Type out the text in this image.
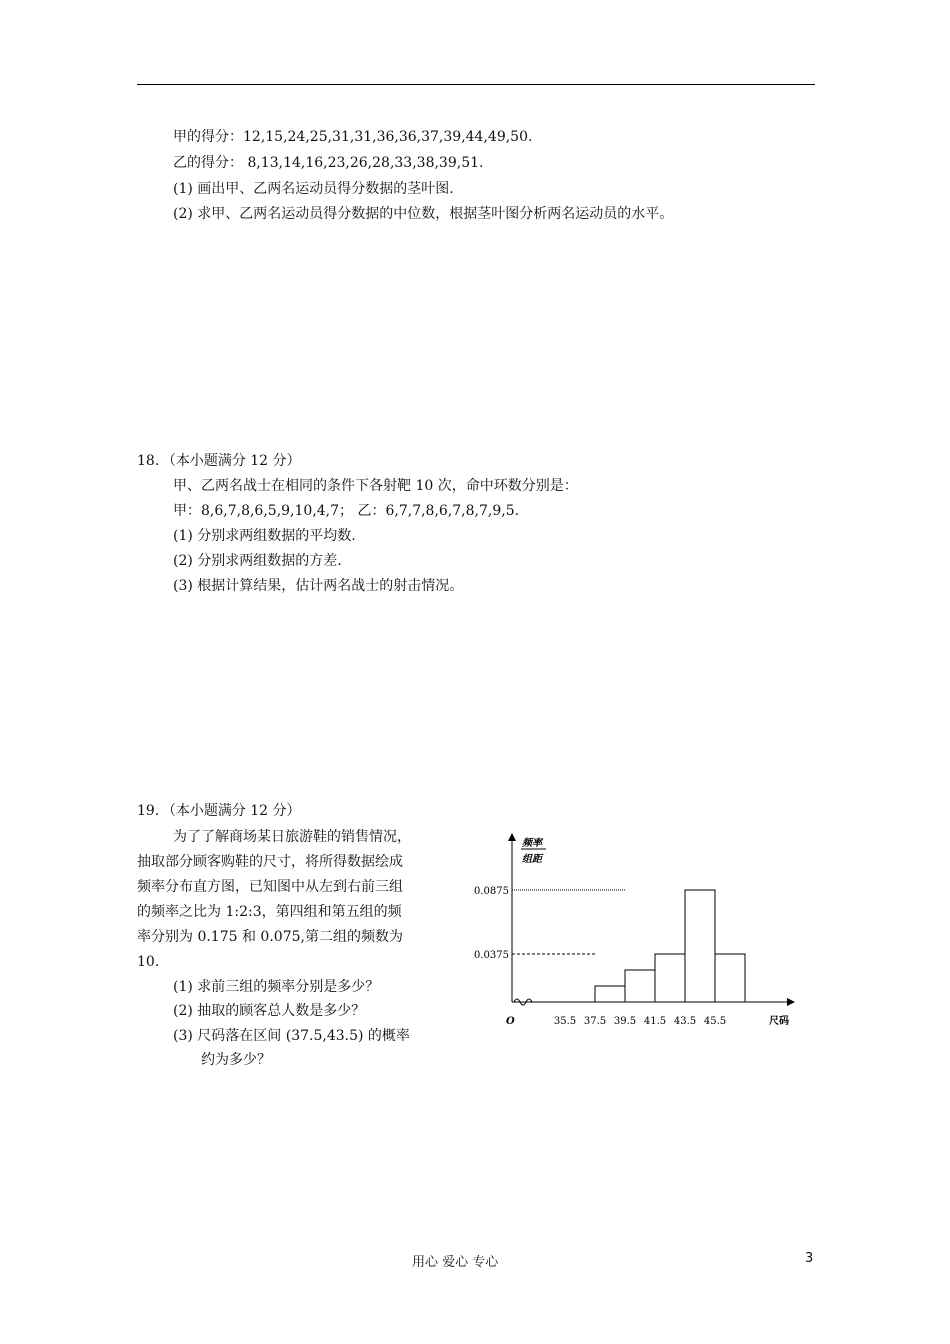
甲的得分：12,15,24,25,31,31,36,36,37,39,44,49,50.
乙的得分： 8,13,14,16,23,26,28,33,38,39,51.
(1) 画出甲、乙两名运动员得分数据的茎叶图.
(2) 求甲、乙两名运动员得分数据的中位数，根据茎叶图分析两名运动员的水平。
18．（本小题满分 12 分）
甲、乙两名战士在相同的条件下各射靶 10 次，命中环数分别是：
甲：8,6,7,8,6,5,9,10,4,7； 乙：6,7,7,8,6,7,8,7,9,5.
(1) 分别求两组数据的平均数.
(2) 分别求两组数据的方差.
(3) 根据计算结果，估计两名战士的射击情况。
19．（本小题满分 12 分）
为了了解商场某日旅游鞋的销售情况，
抽取部分顾客购鞋的尺寸，将所得数据绘成
频率分布直方图，已知图中从左到右前三组
的频率之比为 1:2:3，第四组和第五组的频
率分别为 0.175 和 0.075,第二组的频数为
10.
(1) 求前三组的频率分别是多少？
(2) 抽取的顾客总人数是多少？
(3) 尺码落在区间 (37.5,43.5) 的概率
约为多少？
频率
组距
O	尺码
0.0875
0.0375
35.5 37.5 39.5 41.5 43.5 45.5
用心 爱心 专心	3
